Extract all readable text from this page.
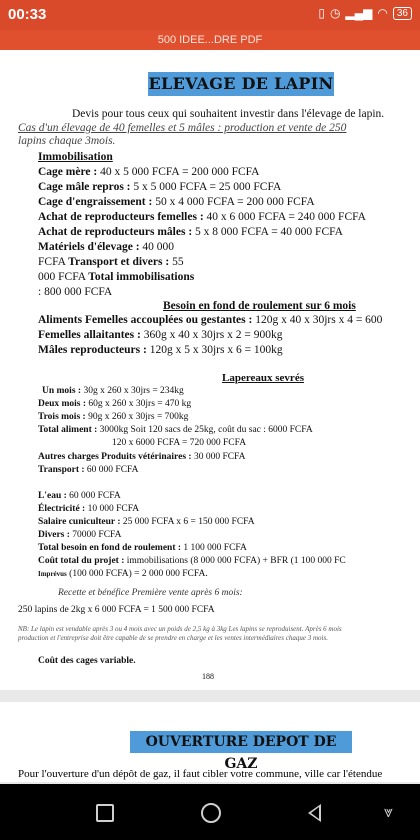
00:33	▯ ◷ ▂▄▆ ◠ 36
500 IDEE...DRE PDF
ELEVAGE DE LAPIN
Devis pour tous ceux qui souhaitent investir dans l'élevage de lapin.
Cas d'un élevage de 40 femelles et 5 mâles : production et vente de 250
lapins chaque 3mois.
Immobilisation
Cage mère : 40 x 5 000 FCFA = 200 000 FCFA
Cage mâle repros : 5 x 5 000 FCFA = 25 000 FCFA
Cage d'engraissement : 50 x 4 000 FCFA = 200 000 FCFA
Achat de reproducteurs femelles : 40 x 6 000 FCFA = 240 000 FCFA
Achat de reproducteurs mâles : 5 x 8 000 FCFA = 40 000 FCFA
Matériels d'élevage : 40 000
FCFA Transport et divers : 55
000 FCFA Total immobilisations
: 800 000 FCFA
Besoin en fond de roulement sur 6 mois
Aliments Femelles accouplées ou gestantes : 120g x 40 x 30jrs x 4 = 600
Femelles allaitantes : 360g x 40 x 30jrs x 2 = 900kg
Mâles reproducteurs : 120g x 5 x 30jrs x 6 = 100kg
Lapereaux sevrés
Un mois : 30g x 260 x 30jrs = 234kg
Deux mois : 60g x 260 x 30jrs = 470 kg
Trois mois : 90g x 260 x 30jrs = 700kg
Total aliment : 3000kg Soit 120 sacs de 25kg, coût du sac : 6000 FCFA
120 x 6000 FCFA = 720 000 FCFA
Autres charges Produits vétérinaires : 30 000 FCFA
Transport : 60 000 FCFA
L'eau : 60 000 FCFA
Électricité : 10 000 FCFA
Salaire cuniculteur : 25 000 FCFA x 6 = 150 000 FCFA
Divers : 70000 FCFA
Total besoin en fond de roulement : 1 100 000 FCFA
Coût total du projet : immobilisations (8 000 000 FCFA) + BFR (1 100 000 FC
Imprévus (100 000 FCFA) = 2 000 000 FCFA.
Recette et bénéfice Première vente après 6 mois:
250 lapins de 2kg x 6 000 FCFA = 1 500 000 FCFA
NB: Le lapin est vendable après 3 ou 4 mois avec un poids de 2,5 kg à 3kg Les lapins se reproduisent. Après 6 mois
production et l'entreprise doit être capable de se prendre en charge et les ventes intermédiaires chaque 3 mois.
Coût des cages variable.
188
OUVERTURE DEPOT DE GAZ
Pour l'ouverture d'un dépôt de gaz, il faut cibler votre commune, ville car l'étendue
⩔
